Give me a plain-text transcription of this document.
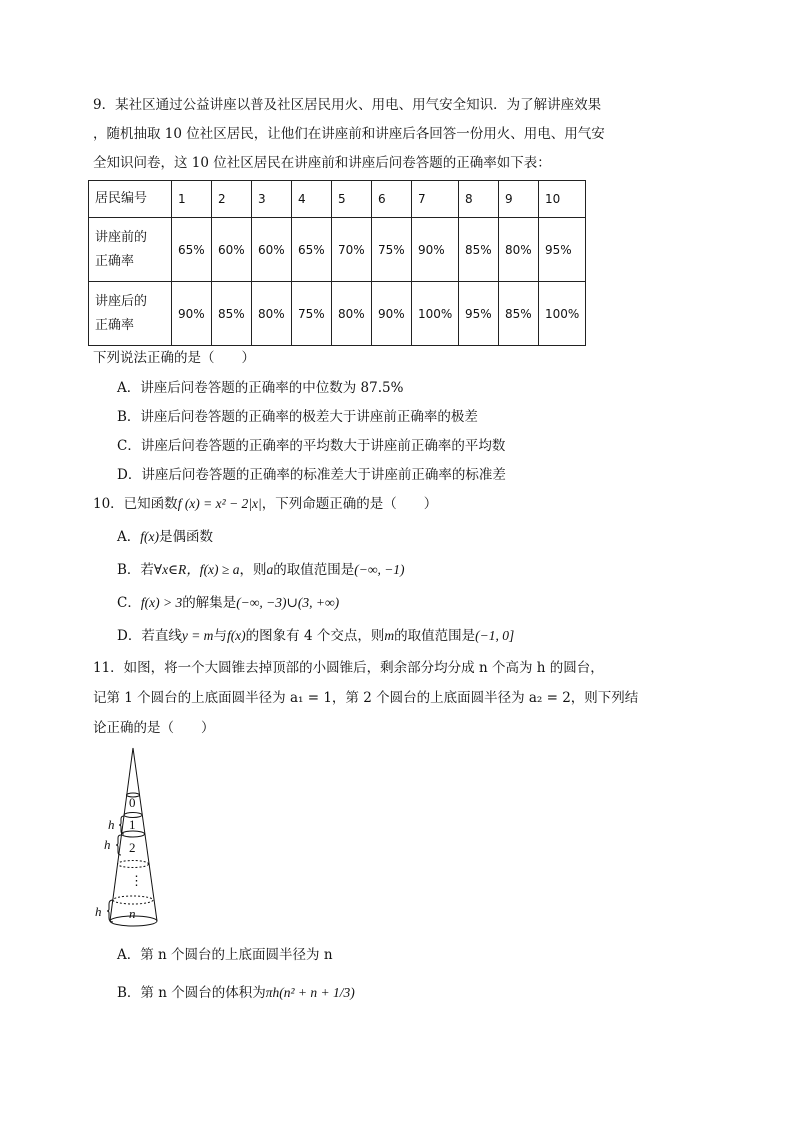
9．某社区通过公益讲座以普及社区居民用火、用电、用气安全知识．为了解讲座效果
，随机抽取 10 位社区居民，让他们在讲座前和讲座后各回答一份用火、用电、用气安
全知识问卷，这 10 位社区居民在讲座前和讲座后问卷答题的正确率如下表：
居民编号	1	2	3	4	5	6	7	8	9	10
讲座前的
正确率	65%	60%	60%	65%	70%	75%	90%	85%	80%	95%
讲座后的
正确率	90%	85%	80%	75%	80%	90%	100%	95%	85%	100%
下列说法正确的是（　　）
A．讲座后问卷答题的正确率的中位数为 87.5%
B．讲座后问卷答题的正确率的极差大于讲座前正确率的极差
C．讲座后问卷答题的正确率的平均数大于讲座前正确率的平均数
D．讲座后问卷答题的正确率的标准差大于讲座前正确率的标准差
10．已知函数f (x) = x² − 2|x|，下列命题正确的是（　　）
A．f(x)是偶函数
B．若∀x∈R，f(x) ≥ a，则a的取值范围是(−∞, −1)
C．f(x) > 3的解集是(−∞, −3)∪(3, +∞)
D．若直线y = m与f(x)的图象有 4 个交点，则m的取值范围是(−1, 0]
11．如图，将一个大圆锥去掉顶部的小圆锥后，剩余部分均分成 n 个高为 h 的圆台，
记第 1 个圆台的上底面圆半径为 a₁ = 1，第 2 个圆台的上底面圆半径为 a₂ = 2，则下列结
论正确的是（　　）
0
1
2
⋮
n
h
h
h
A．第 n 个圆台的上底面圆半径为 n
B．第 n 个圆台的体积为πh(n² + n + 1/3)
